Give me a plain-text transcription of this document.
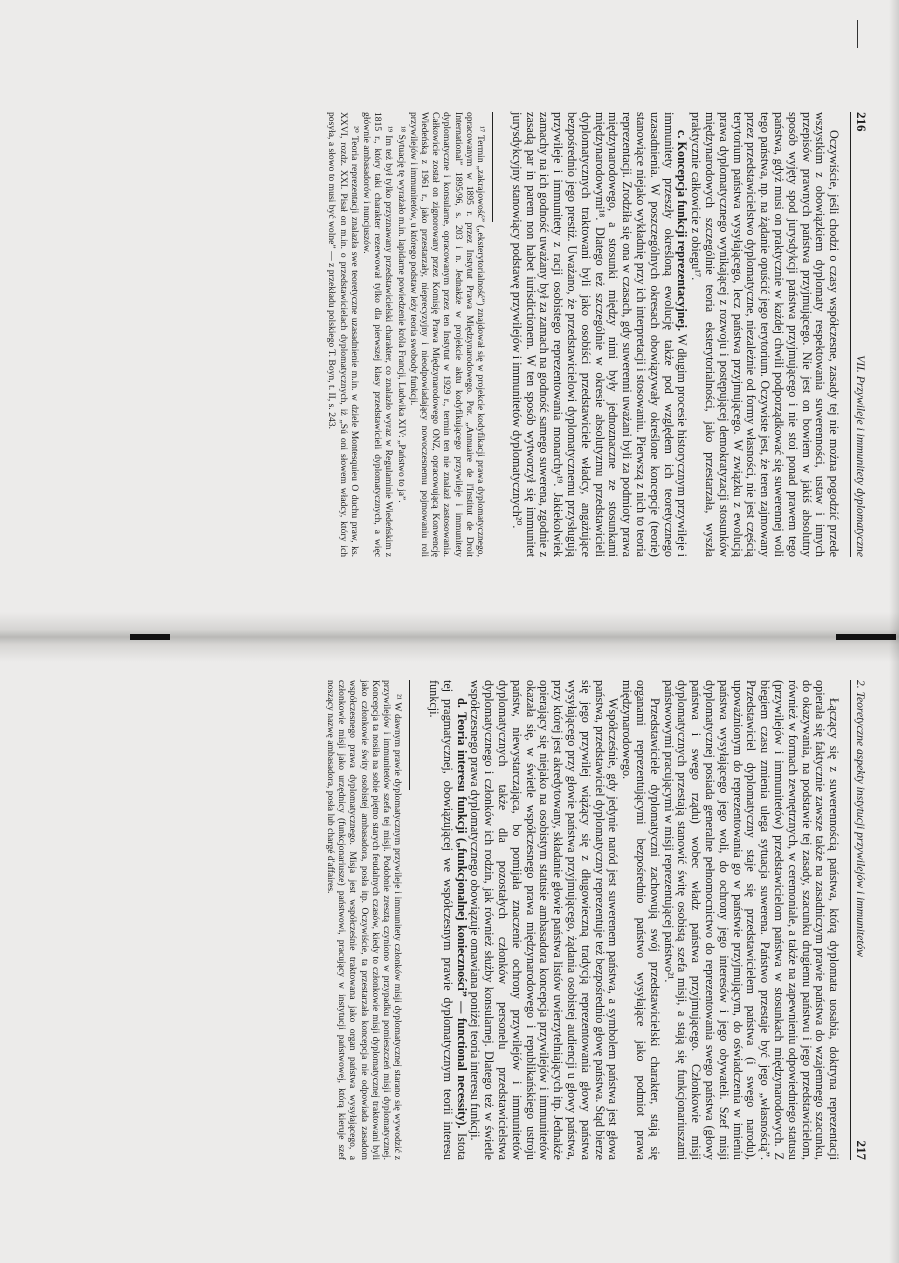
216
VII. Przywileje i immunitety dyplomatyczne

Oczywiście, jeśli chodzi o czasy współczesne, zasady tej nie można pogodzić przede wszystkim z obowiązkiem dyplomaty respektowania suwerenności, ustaw i innych przepisów prawnych państwa przyjmującego. Nie jest on bowiem w jakiś absolutny sposób wyjęty spod jurysdykcji państwa przyjmującego i nie stoi ponad prawem tego państwa, gdyż musi on praktycznie w każdej chwili podporządkować się suwerennej woli tego państwa, np. na żądanie opuścić jego terytorium. Oczywiste jest, że teren zajmowany przez przedstawicielstwo dyplomatyczne, niezależnie od formy własności, nie jest częścią terytorium państwa wysyłającego, lecz państwa przyjmującego. W związku z ewolucją prawa dyplomatycznego wynikającej z rozwoju i postępującej demokratyzacji stosunków międzynarodowych szczególnie teoria eksterytorialności, jako przestarzała, wyszła praktycznie całkowicie z obiegu¹⁷.

c. Koncepcja funkcji reprezentacyjnej. W długim procesie historycznym przywileje i immunitety przeszły określoną ewolucję także pod względem ich teoretycznego uzasadnienia. W poszczególnych okresach obowiązywały określone koncepcje (teorie) stanowiące niejako wykładnię przy ich interpretacji i stosowaniu. Pierwszą z nich to teoria reprezentacji. Zrodziła się ona w czasach, gdy suwerenni uważani byli za podmioty prawa międzynarodowego, a stosunki między nimi były jednoznaczne ze stosunkami międzynarodowymi¹⁸. Dlatego też szczególnie w okresie absolutyzmu przedstawicieli dyplomatycznych traktowani byli jako osobiści przedstawiciele władcy, angażujące bezpośrednio jego prestiż. Uważano, że przedstawicielowi dyplomatycznemu przysługują przywileje i immunitety z racji osobistego reprezentowania monarchy¹⁹. Jakiekolwiek zamachy na ich godność uważany był za zamach na godność samego suwerena, zgodnie z zasadą par in parem non habet iurisdictionem. W ten sposób wytworzył się immunitet jurysdykcyjny stanowiący podstawę przywilejów i immunitetów dyplomatycznych²⁰.

¹⁷ Termin „zakrajowość” („ekstеrytorialność”) znajdował się w projekcie kodyfikacji prawa dyplomatycznego, opracowanym w 1895 r. przez Instytut Prawa Międzynarodowego. Por. „Annuaire de l'Institut de Droit International” 1895/96, s. 203 i n. Jednakże w projekcie aktu kodyfikującego przywileje i immunitety dyplomatyczne i konsularne, opracowanym przez ten Instytut w 1929 r., termin ten nie znalazł zastosowania. Całkowicie został on zignorowany przez Komisję Prawa Międzynarodowego ONZ, opracowującą Konwencję Wiedeńską z 1961 r., jako przestarzały, nieprecyzyjny i nieodpowiadający nowoczesnemu pojmowaniu roli przywilejów i immunitetów, u którego podstaw leży teoria swobody funkcji.

¹⁸ Sytuację tę wyrażało m.in. lapidarne powiedzenie króla Francji, Ludwika XIV: „Państwo to ja”.

¹⁹ Im też był tylko przyznawany przedstawicielski charakter, co znalazło wyraz w Regulaminie Wiedeńskim z 1815 r., który taki charakter rezerwował tylko dla pierwszej klasy przedstawicieli dyplomatycznych, a więc głównie ambasadorów i nuncjuszów.

²⁰ Teoria reprezentacji znalazła swe teoretyczne uzasadnienie m.in. w dziele Montesquieu O duchu praw, ks. XXVI, rozdz. XXI. Pisał on m.in. o przedstawicielach dyplomatycznych, iż „Sú oni słowem władcy, który ich posyła, a słowo to musi być wolne” — z przekładu polskiego T. Boyn, t. II, s. 243.

2. Teoretyczne aspekty instytucji przywilejów i immunitetów
217

Łączący się z suwerennością państwa, którą dyplomata uosabia, doktryna reprezentacji opierała się faktycznie zawsze także na zasadniczym prawie państwa do wzajemnego szacunku, do okazywania, na podstawie tej zasady, szacunku drugiemu państwu i jego przedstawicielom, również w formach zewnętrznych, w ceremoniale, a także na zapewnieniu odpowiedniego statusu (przywilejów i immunitetów) przedstawicielom państwa w stosunkach międzynarodowych. Z biegiem czasu zmienia ulega sytuacja suwerena. Państwo przestaje być jego „własnością”. Przedstawiciel dyplomatyczny staje się przedstawicielem państwa (i swego narodu), upoważnionym do reprezentowania go w państwie przyjmującym, do oświadczenia w imieniu państwa wysyłającego jego woli, do ochrony jego interesów i jego obywateli. Szef misji dyplomatycznej posiada generalne pełnomocnictwo do reprezentowania swego państwa (głowy państwa i swego rządu) wobec władz państwa przyjmującego. Członkowie misji dyplomatycznych przestają stanowić świtę osobistą szefa misji, a stają się funkcjonariuszami państwowymi pracującymi w misji reprezentującej państwo²¹.

Przedstawiciele dyplomatyczni zachowują swój przedstawicielski charakter, stają się organami reprezentującymi bezpośrednio państwo wysyłające jako podmiot prawa międzynarodowego.

Współcześnie, gdy jedynie naród jest suwerenem państwa, a symbolem państwa jest głowa państwa, przedstawiciel dyplomatyczny reprezentuje też bezpośrednio głowę państwa. Stąd bierze się jego przywilej wiążący się z długowieczną tradycją reprezentowania głowy państwa wysyłającego przy głowie państwa przyjmującego, żądania osobistej audiencji u głowy państwa, przy której jest akredytowany, składanie głowie państwa listów uwierzytelniających itp. Jednakże opierający się niejako na osobistym statusie ambasadora koncepcja przywilejów i immunitetów okazała się, w świetle współczesnego prawa międzynarodowego i republikańskiego ustroju państw, niewystarczająca, bo pomijała znaczenie ochrony przywilejów i immunitetów dyplomatycznych także dla pozostałych członków personelu przedstawicielstwa dyplomatycznego i członków ich rodzin, jak również służby konsularnej. Dlatego też w świetle współczesnego prawa dyplomatycznego obowiązuje omawiana poniżej teoria interesu funkcji.

d. Teoria interesu funkcji („funkcjonalnej konieczności” — functional necessity). Istota tej pragmatycznej, obowiązującej we współczesnym prawie dyplomatycznym teorii interesu funkcji.

²¹ W dawnym prawie dyplomatycznym przywileje i immunitety członków misji dyplomatycznej starano się wywodzić z przywilejów i immunitetów szefa tej misji. Podobnie zresztą czyniono w przypadku pomieszczeń misji dyplomatycznej. Koncepcja ta nosiła na sobie piętno starych feudalnych czasów, kiedy to członkowie misji dyplomatycznej traktowani byli jako członkowie świty osobistej ambasadora, posła itp. Oczywiście, ta przestarzała koncepcja nie odpowiada zasadom współczesnego prawa dyplomatycznego. Misja jest współcześnie traktowana jako organ państwa wysyłającego, a członkowie misji jako urzędnicy (funkcjonariusze) państwowi, pracujący w instytucji państwowej, którą kieruje szef noszący nazwę ambasadora, posła lub chargé d'affaires.
